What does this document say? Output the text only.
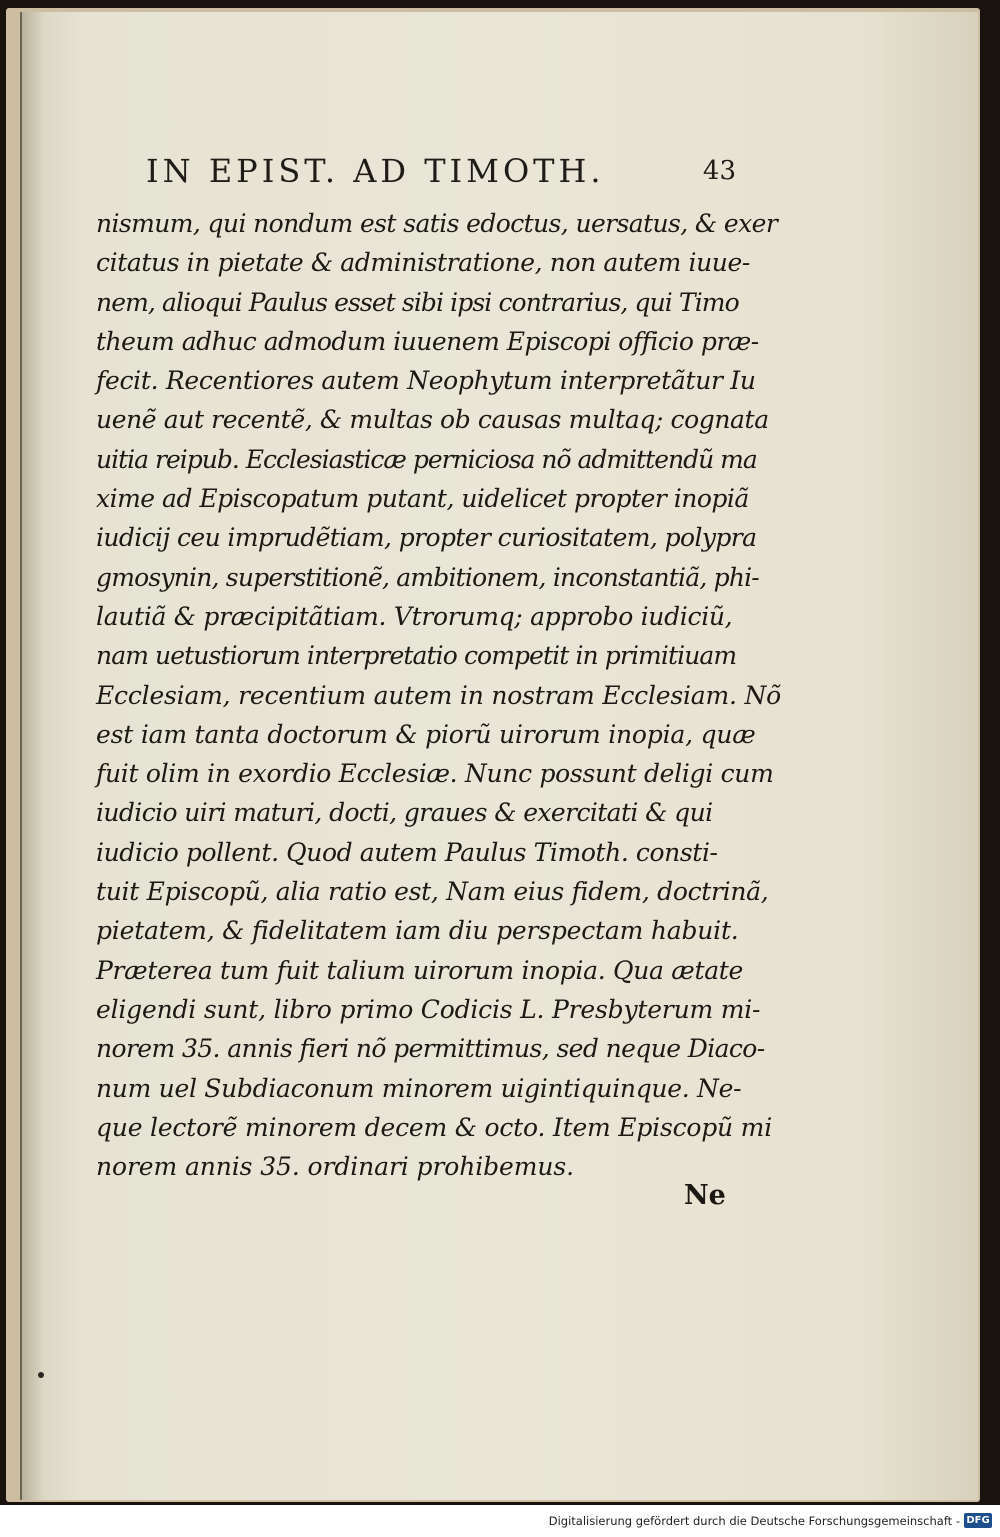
IN EPIST. AD TIMOTH.	43
nismum, qui nondum est satis edoctus, uersatus, & exer
citatus in pietate & administratione, non autem iuue-
nem, alioqui Paulus esset sibi ipsi contrarius, qui Timo
theum adhuc admodum iuuenem Episcopi officio præ-
fecit. Recentiores autem Neophytum interpretãtur Iu
uenẽ aut recentẽ, & multas ob causas multaq; cognata
uitia reipub. Ecclesiasticæ perniciosa nõ admittendũ ma
xime ad Episcopatum putant, uidelicet propter inopiã
iudicij ceu imprudẽtiam, propter curiositatem, polypra
gmosynin, superstitionẽ, ambitionem, inconstantiã, phi-
lautiã & præcipitãtiam. Vtrorumq; approbo iudiciũ,
nam uetustiorum interpretatio competit in primitiuam
Ecclesiam, recentium autem in nostram Ecclesiam. Nõ
est iam tanta doctorum & piorũ uirorum inopia, quæ
fuit olim in exordio Ecclesiæ. Nunc possunt deligi cum
iudicio uiri maturi, docti, graues & exercitati & qui
iudicio pollent. Quod autem Paulus Timoth. consti-
tuit Episcopũ, alia ratio est, Nam eius fidem, doctrinã,
pietatem, & fidelitatem iam diu perspectam habuit.
Præterea tum fuit talium uirorum inopia. Qua ætate
eligendi sunt, libro primo Codicis L. Presbyterum mi-
norem 35. annis fieri nõ permittimus, sed neque Diaco-
num uel Subdiaconum minorem uigintiquinque. Ne-
que lectorẽ minorem decem & octo. Item Episcopũ mi
norem annis 35. ordinari prohibemus.
Ne
Digitalisierung gefördert durch die Deutsche Forschungsgemeinschaft - DFG
